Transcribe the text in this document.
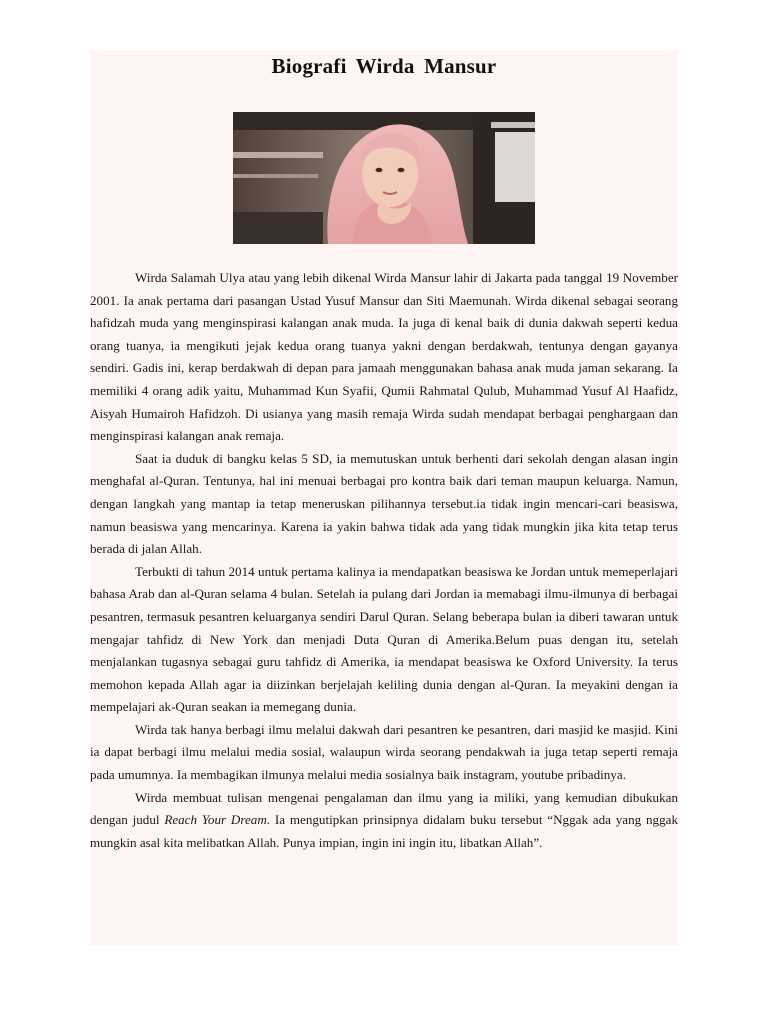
Biografi Wirda Mansur

Wirda Salamah Ulya atau yang lebih dikenal Wirda Mansur lahir di Jakarta pada tanggal 19 November 2001. Ia anak pertama dari pasangan Ustad Yusuf Mansur dan Siti Maemunah. Wirda dikenal sebagai seorang hafidzah muda yang menginspirasi kalangan anak muda. Ia juga di kenal baik di dunia dakwah seperti kedua orang tuanya, ia mengikuti jejak kedua orang tuanya yakni dengan berdakwah, tentunya dengan gayanya sendiri. Gadis ini, kerap berdakwah di depan para jamaah menggunakan bahasa anak muda jaman sekarang. Ia memiliki 4 orang adik yaitu, Muhammad Kun Syafii, Qumii Rahmatal Qulub, Muhammad Yusuf Al Haafidz, Aisyah Humairoh Hafidzoh. Di usianya yang masih remaja Wirda sudah mendapat berbagai penghargaan dan menginspirasi kalangan anak remaja.

Saat ia duduk di bangku kelas 5 SD, ia memutuskan untuk berhenti dari sekolah dengan alasan ingin menghafal al-Quran. Tentunya, hal ini menuai berbagai pro kontra baik dari teman maupun keluarga. Namun, dengan langkah yang mantap ia tetap meneruskan pilihannya tersebut.ia tidak ingin mencari-cari beasiswa, namun beasiswa yang mencarinya. Karena ia yakin bahwa tidak ada yang tidak mungkin jika kita tetap terus berada di jalan Allah.

Terbukti di tahun 2014 untuk pertama kalinya ia mendapatkan beasiswa ke Jordan untuk memeperlajari bahasa Arab dan al-Quran selama 4 bulan. Setelah ia pulang dari Jordan ia memabagi ilmu-ilmunya di berbagai pesantren, termasuk pesantren keluarganya sendiri Darul Quran. Selang beberapa bulan ia diberi tawaran untuk mengajar tahfidz di New York dan menjadi Duta Quran di Amerika.Belum puas dengan itu, setelah menjalankan tugasnya sebagai guru tahfidz di Amerika, ia mendapat beasiswa ke Oxford University. Ia terus memohon kepada Allah agar ia diizinkan berjelajah keliling dunia dengan al-Quran. Ia meyakini dengan ia mempelajari ak-Quran seakan ia memegang dunia.

Wirda tak hanya berbagi ilmu melalui dakwah dari pesantren ke pesantren, dari masjid ke masjid. Kini ia dapat berbagi ilmu melalui media sosial, walaupun wirda seorang pendakwah ia juga tetap seperti remaja pada umumnya. Ia membagikan ilmunya melalui media sosialnya baik instagram, youtube pribadinya.

Wirda membuat tulisan mengenai pengalaman dan ilmu yang ia miliki, yang kemudian dibukukan dengan judul Reach Your Dream. Ia mengutipkan prinsipnya didalam buku tersebut “Nggak ada yang nggak mungkin asal kita melibatkan Allah. Punya impian, ingin ini ingin itu, libatkan Allah”.
